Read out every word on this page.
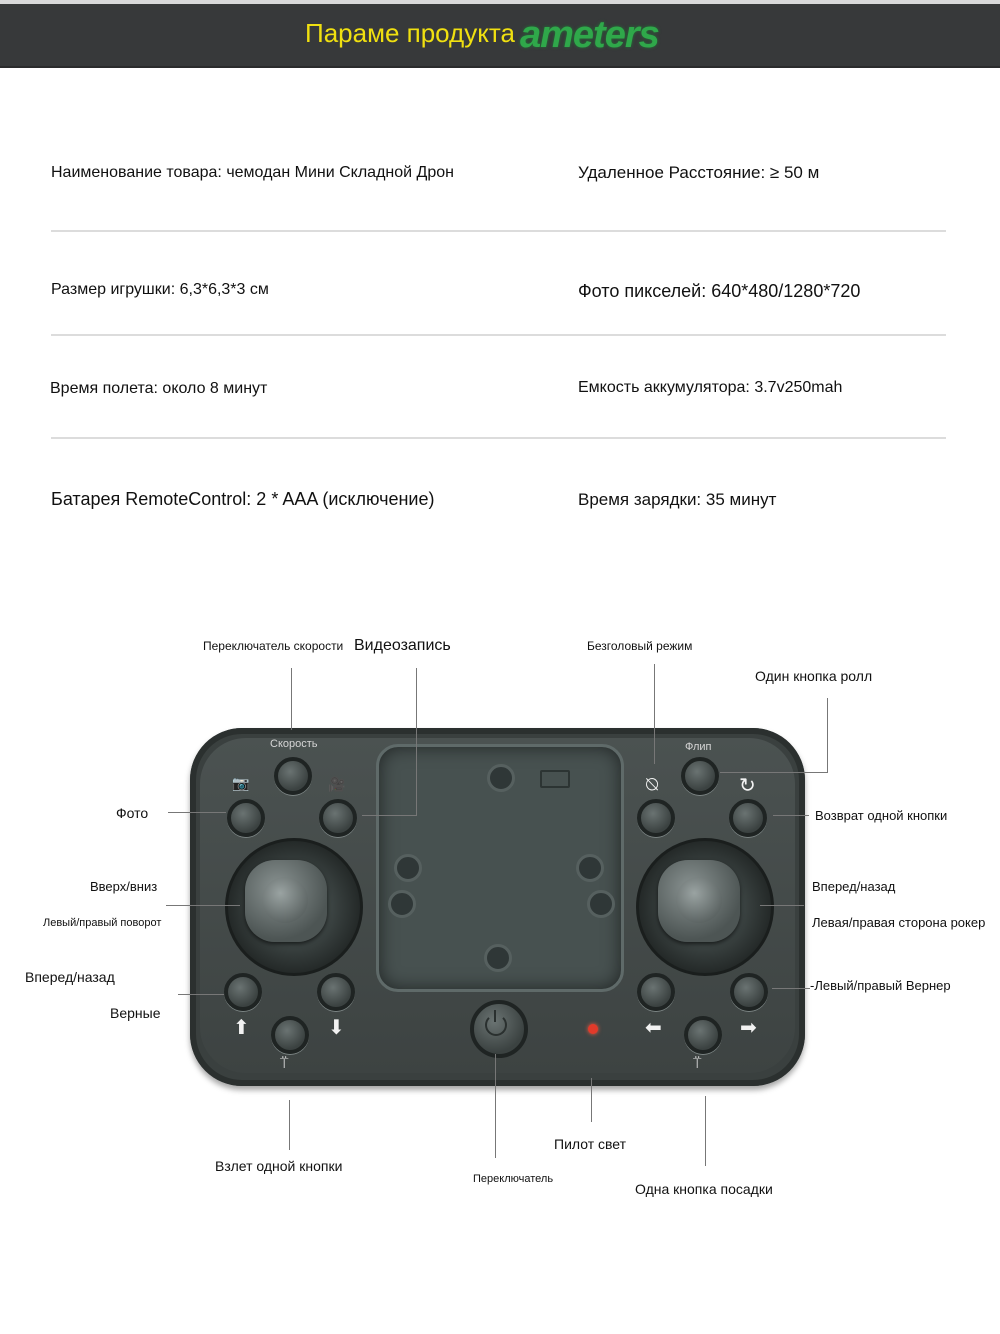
ameters
Параме продукта
Наименование товара: чемодан Мини Складной Дрон	Удаленное Расстояние: ≥ 50 м
Размер игрушки: 6,3*6,3*3 см	Фото пикселей: 640*480/1280*720
Время полета: около 8 минут	Емкость аккумулятора: 3.7v250mah
Батарея RemoteControl: 2 * AAA (исключение)	Время зарядки: 35 минут
Скорость
📷	🎥
Флип
⍉	↻
⬆	⬇
⍡
⬅	➡
⍡
Переключатель скорости Видеозапись	Безголовый режим
Один кнопка ролл
Фото	Возврат одной кнопки
Вверх/вниз
Левый/правый поворот
Вперед/назад
Левая/правая сторона рокер
Вперед/назад
Верные
-Левый/правый Вернер
Взлет одной кнопки
Переключатель
Пилот свет
Одна кнопка посадки
